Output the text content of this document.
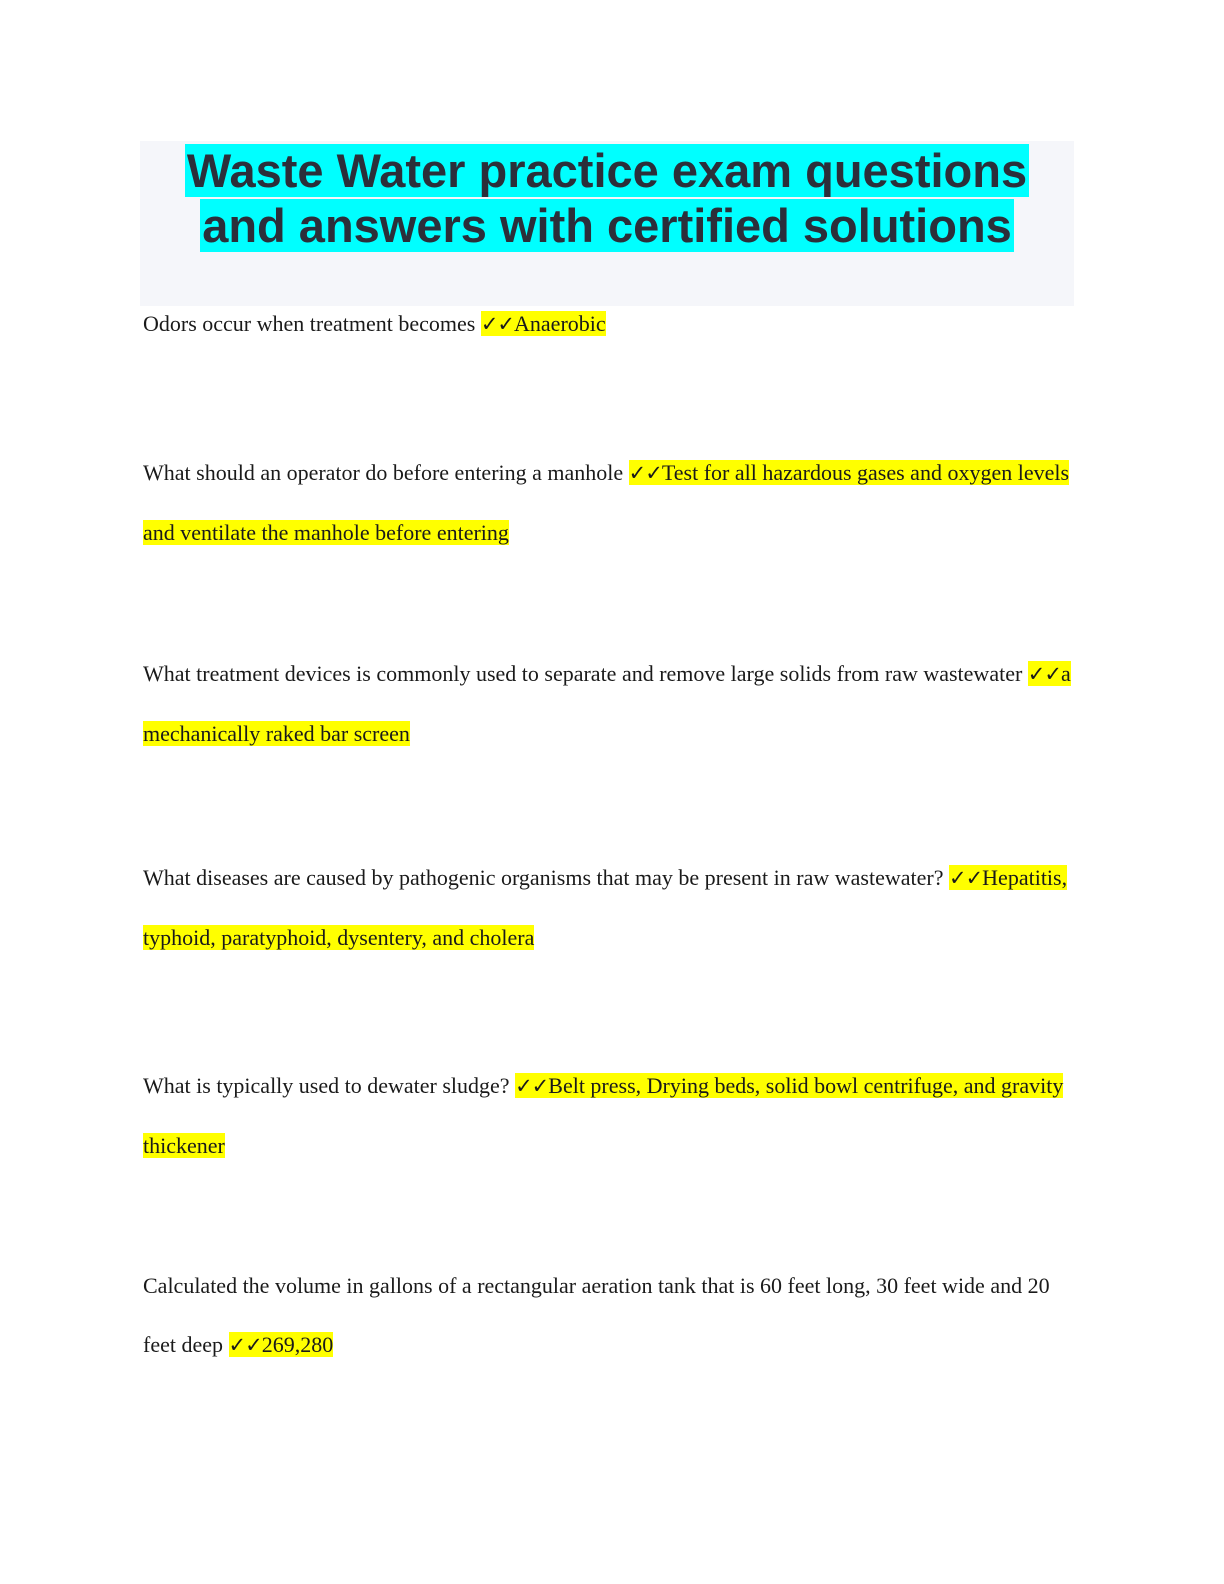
Waste Water practice exam questions
and answers with certified solutions

Odors occur when treatment becomes ✓✓Anaerobic

What should an operator do before entering a manhole ✓✓Test for all hazardous gases and oxygen levels and ventilate the manhole before entering

What treatment devices is commonly used to separate and remove large solids from raw wastewater ✓✓a mechanically raked bar screen

What diseases are caused by pathogenic organisms that may be present in raw wastewater? ✓✓Hepatitis, typhoid, paratyphoid, dysentery, and cholera

What is typically used to dewater sludge? ✓✓Belt press, Drying beds, solid bowl centrifuge, and gravity thickener

Calculated the volume in gallons of a rectangular aeration tank that is 60 feet long, 30 feet wide and 20 feet deep ✓✓269,280
